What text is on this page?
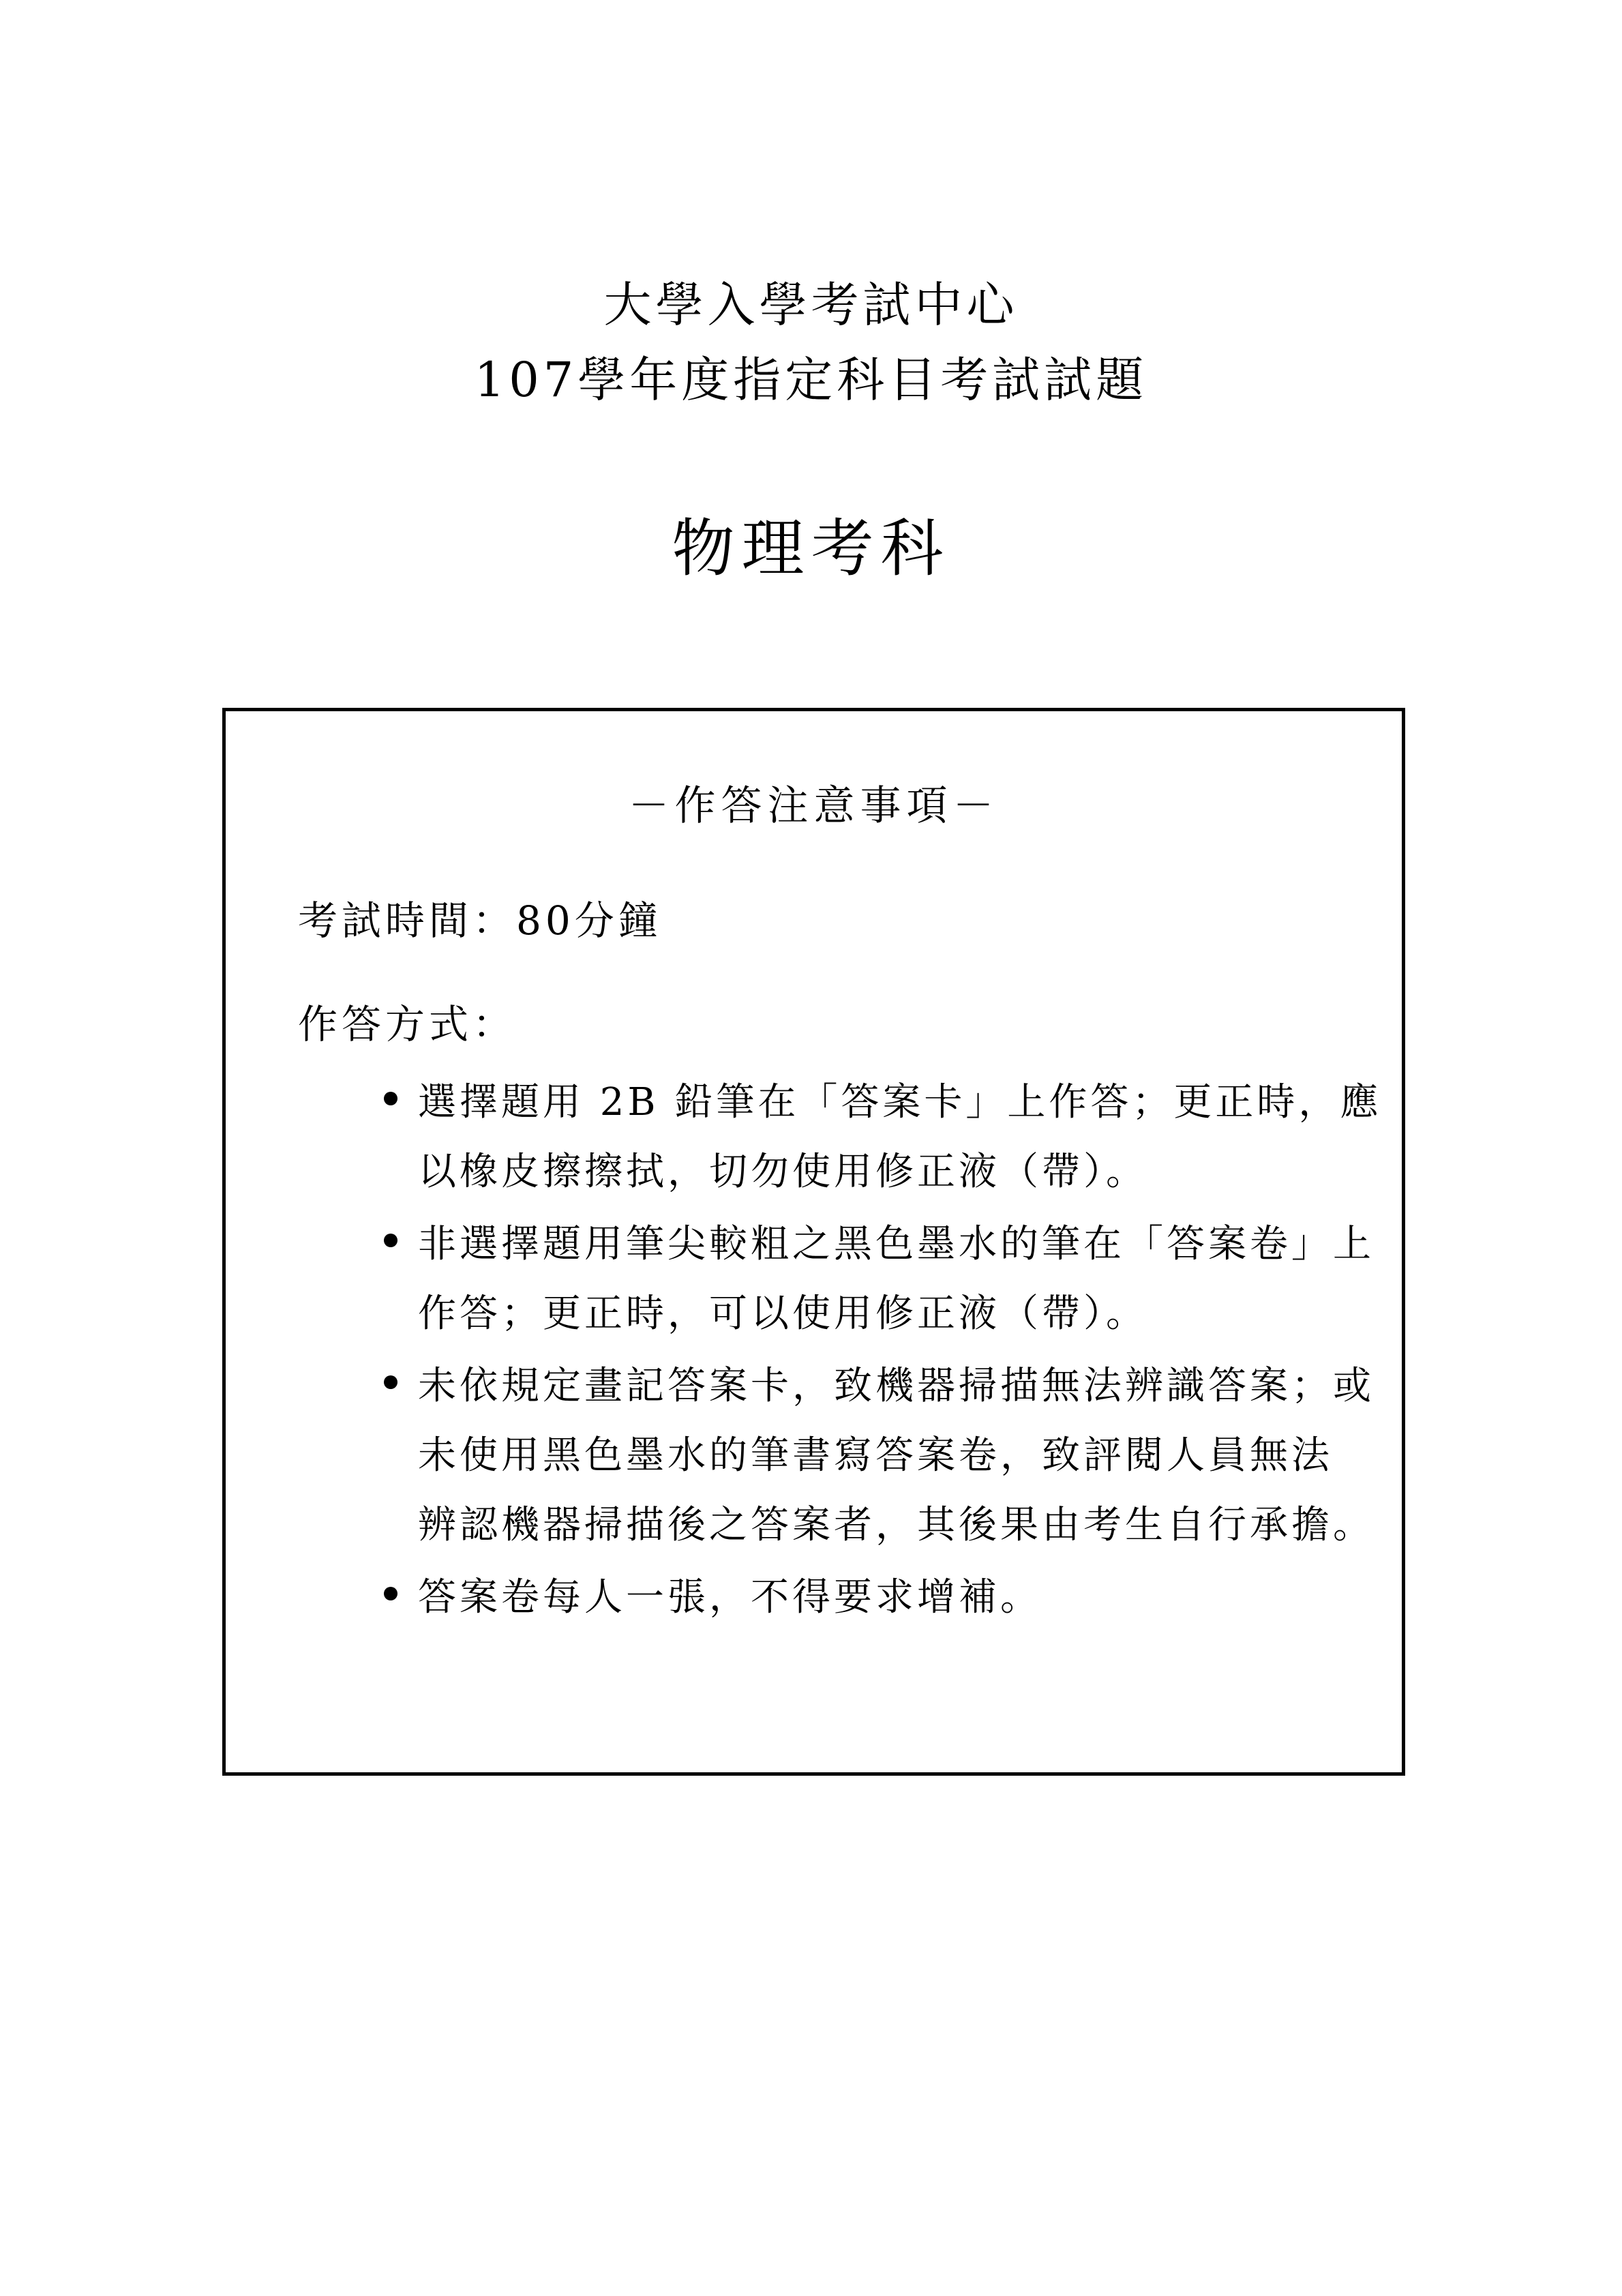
大學入學考試中心
107學年度指定科目考試試題
物理考科
－作答注意事項－
考試時間：80分鐘
作答方式：
選擇題用 2B 鉛筆在「答案卡」上作答；更正時，應
以橡皮擦擦拭，切勿使用修正液（帶）。
非選擇題用筆尖較粗之黑色墨水的筆在「答案卷」上
作答；更正時，可以使用修正液（帶）。
未依規定畫記答案卡，致機器掃描無法辨識答案；或
未使用黑色墨水的筆書寫答案卷，致評閱人員無法
辨認機器掃描後之答案者，其後果由考生自行承擔。
答案卷每人一張，不得要求增補。
